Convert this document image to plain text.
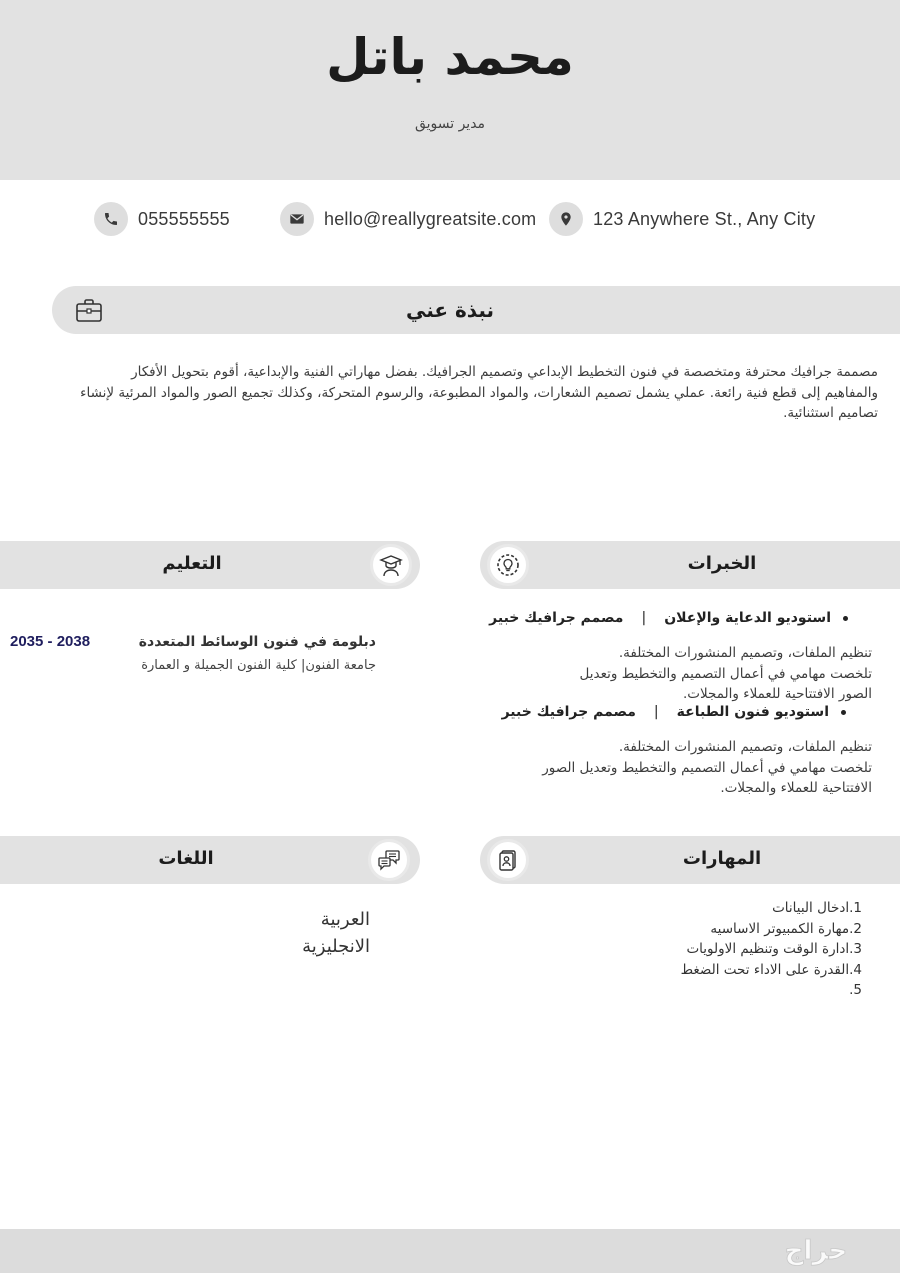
محمد باتل
مدير تسويق
055555555	hello@reallygreatsite.com	123 Anywhere St., Any City
نبذة عني
مصممة جرافيك محترفة ومتخصصة في فنون التخطيط الإبداعي وتصميم الجرافيك. بفضل مهاراتي الفنية والإبداعية، أقوم بتحويل الأفكار والمفاهيم إلى قطع فنية رائعة. عملي يشمل تصميم الشعارات، والمواد المطبوعة، والرسوم المتحركة، وكذلك تجميع الصور والمواد المرئية لإنشاء تصاميم استثنائية.
الخبرات
التعليم
استوديو الدعاية والإعلان
|
مصمم جرافيك خبير
تنظيم الملفات، وتصميم المنشورات المختلفة.
تلخصت مهامي في أعمال التصميم والتخطيط وتعديل
الصور الافتتاحية للعملاء والمجلات.
استوديو فنون الطباعة
|
مصمم جرافيك خبير
تنظيم الملفات، وتصميم المنشورات المختلفة.
تلخصت مهامي في أعمال التصميم والتخطيط وتعديل الصور
الافتتاحية للعملاء والمجلات.
دبلومة في فنون الوسائط المتعددة
جامعة الفنون| كلية الفنون الجميلة و العمارة
2035 - 2038
المهارات
اللغات
1.ادخال البيانات
2.مهارة الكمبيوتر الاساسيه
3.ادارة الوقت وتنظيم الاولويات
4.القدرة على الاداء تحت الضغط
5.
العربية
الانجليزية
حراج
